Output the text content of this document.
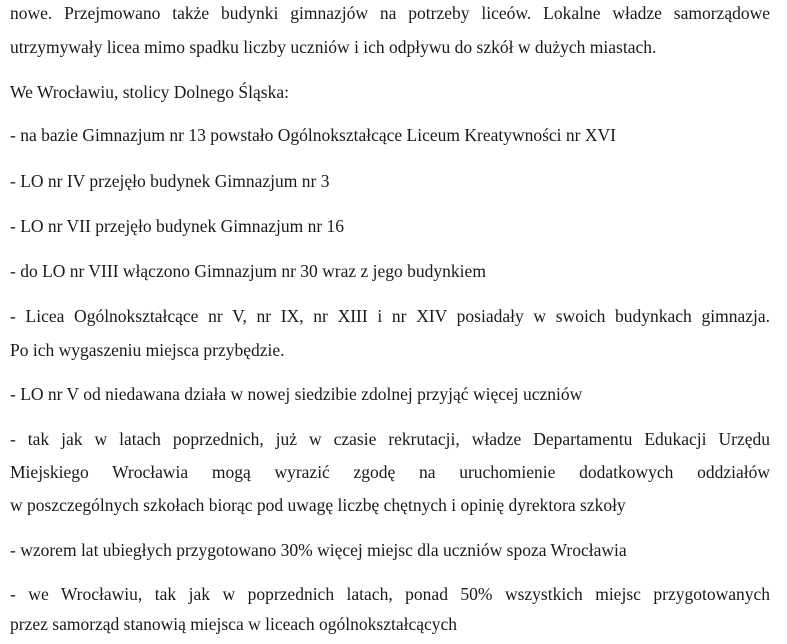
nowe. Przejmowano także budynki gimnazjów na potrzeby liceów. Lokalne władze samorządowe
utrzymywały licea mimo spadku liczby uczniów i ich odpływu do szkół w dużych miastach.
We Wrocławiu, stolicy Dolnego Śląska:
- na bazie Gimnazjum nr 13 powstało Ogólnokształcące Liceum Kreatywności nr XVI
- LO nr IV przejęło budynek Gimnazjum nr 3
- LO nr VII przejęło budynek Gimnazjum nr 16
- do LO nr VIII włączono Gimnazjum nr 30 wraz z jego budynkiem
- Licea Ogólnokształcące nr V, nr IX, nr XIII i nr XIV posiadały w swoich budynkach gimnazja.
Po ich wygaszeniu miejsca przybędzie.
- LO nr V od niedawana działa w nowej siedzibie zdolnej przyjąć więcej uczniów
- tak jak w latach poprzednich, już w czasie rekrutacji, władze Departamentu Edukacji Urzędu
Miejskiego Wrocławia mogą wyrazić zgodę na uruchomienie dodatkowych oddziałów
w poszczególnych szkołach biorąc pod uwagę liczbę chętnych i opinię dyrektora szkoły
- wzorem lat ubiegłych przygotowano 30% więcej miejsc dla uczniów spoza Wrocławia
- we Wrocławiu, tak jak w poprzednich latach, ponad 50% wszystkich miejsc przygotowanych
przez samorząd stanowią miejsca w liceach ogólnokształcących
